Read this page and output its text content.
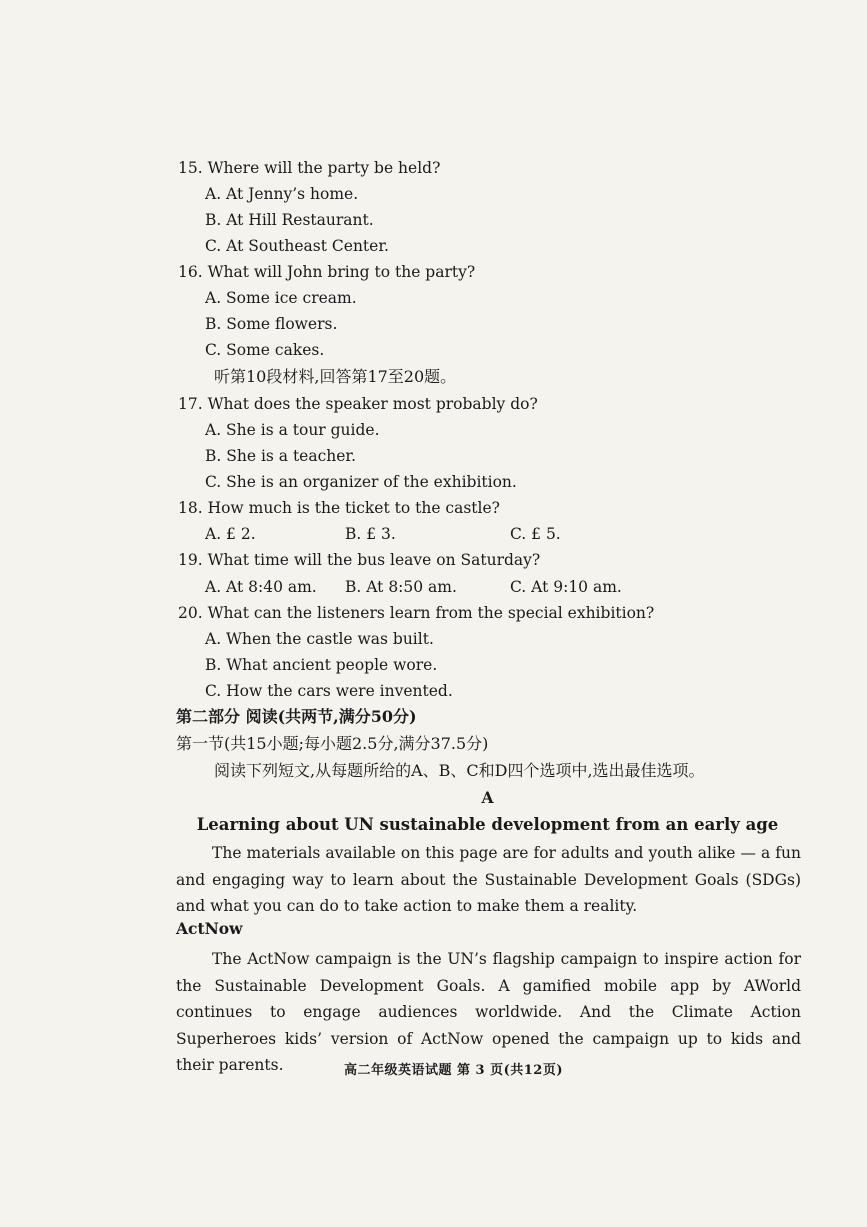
15. Where will the party be held?
A. At Jenny’s home.
B. At Hill Restaurant.
C. At Southeast Center.
16. What will John bring to the party?
A. Some ice cream.
B. Some flowers.
C. Some cakes.
听第10段材料,回答第17至20题。
17. What does the speaker most probably do?
A. She is a tour guide.
B. She is a teacher.
C. She is an organizer of the exhibition.
18. How much is the ticket to the castle?
A. £ 2.	B. £ 3.	C. £ 5.
19. What time will the bus leave on Saturday?
A. At 8:40 am. B. At 8:50 am.	C. At 9:10 am.
20. What can the listeners learn from the special exhibition?
A. When the castle was built.
B. What ancient people wore.
C. How the cars were invented.
第二部分 阅读(共两节,满分50分)
第一节(共15小题;每小题2.5分,满分37.5分)
阅读下列短文,从每题所给的A、B、C和D四个选项中,选出最佳选项。
A
Learning about UN sustainable development from an early age
The materials available on this page are for adults and youth alike — a fun and engaging way to learn about the Sustainable Development Goals (SDGs) and what you can do to take action to make them a reality.
ActNow
The ActNow campaign is the UN’s flagship campaign to inspire action for the Sustainable Development Goals. A gamified mobile app by AWorld continues to engage audiences worldwide. And the Climate Action Superheroes kids’ version of ActNow opened the campaign up to kids and their parents.	高二年级英语试题 第 3 页(共12页)
